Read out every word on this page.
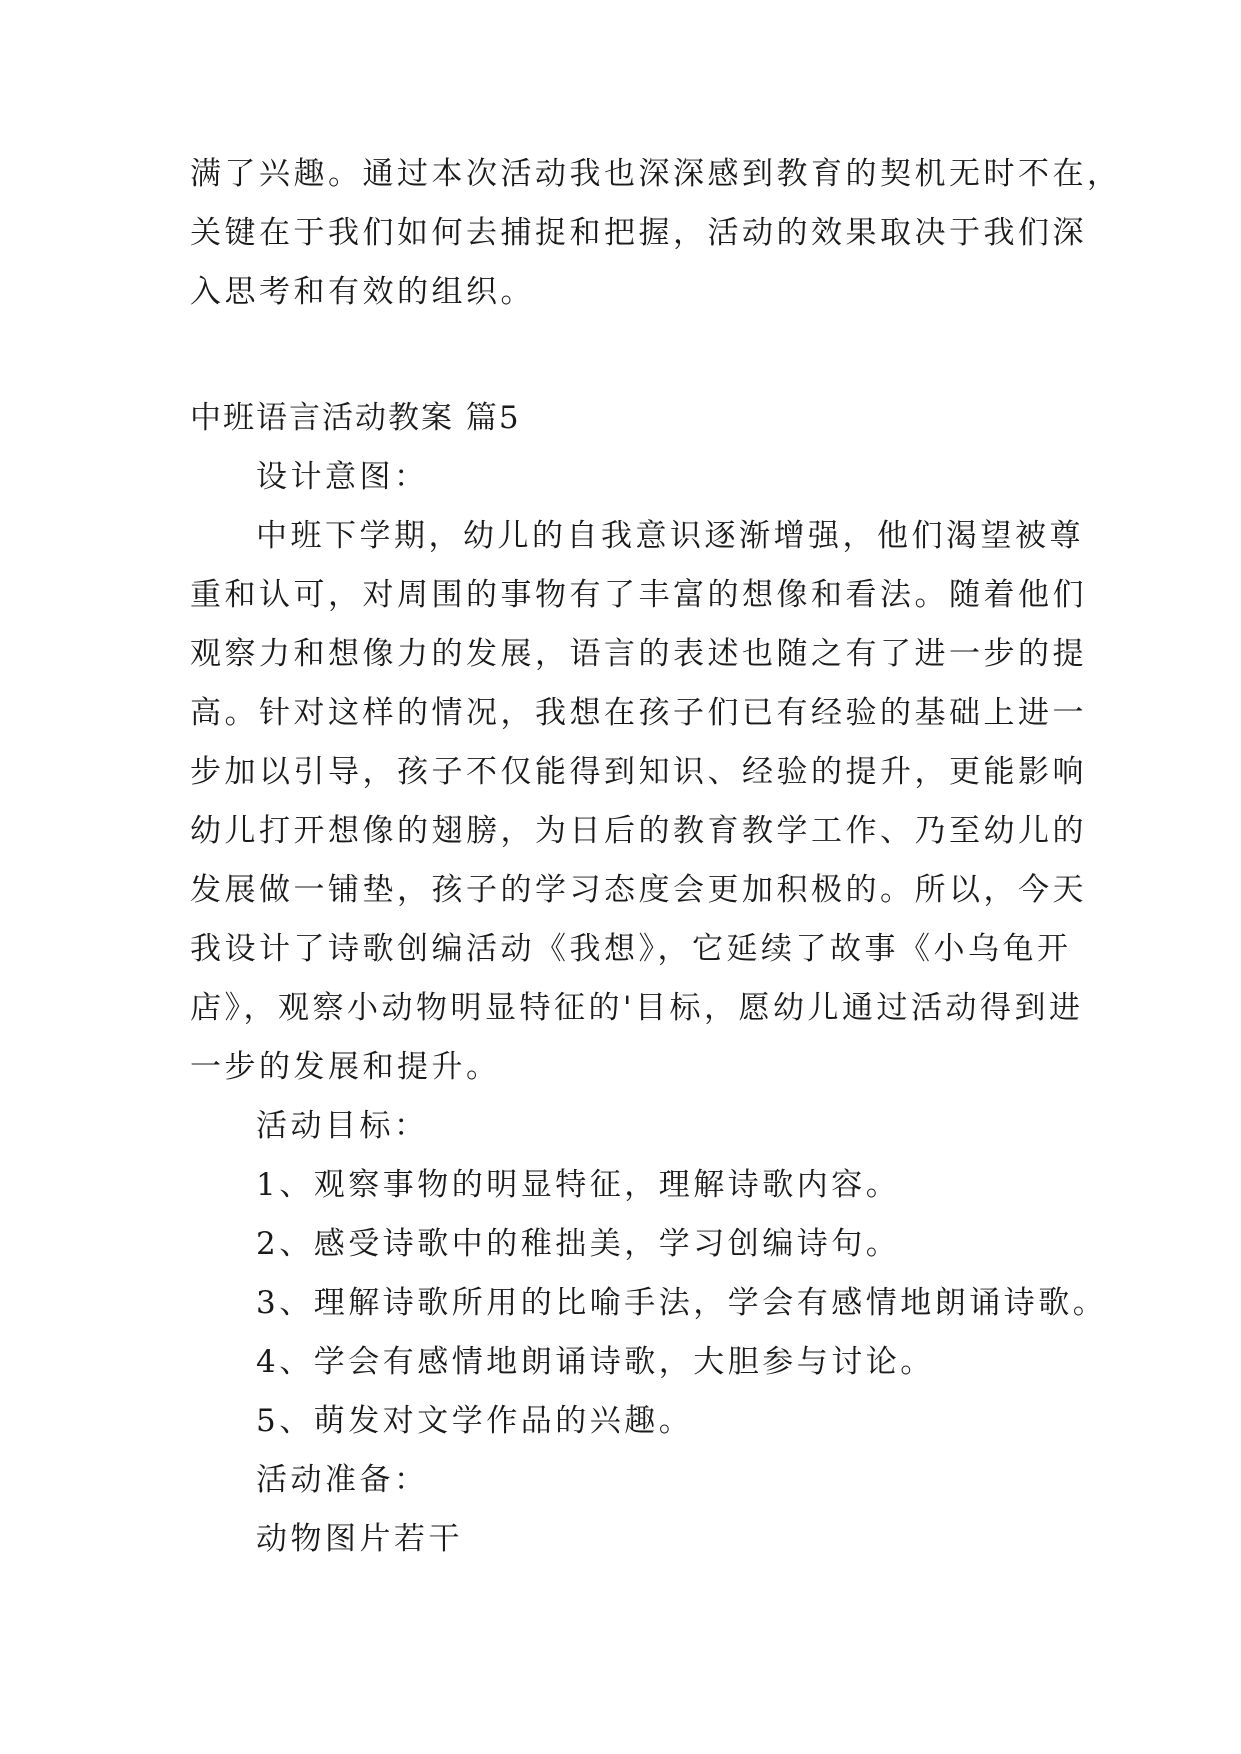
满了兴趣。通过本次活动我也深深感到教育的契机无时不在，
关键在于我们如何去捕捉和把握，活动的效果取决于我们深
入思考和有效的组织。
中班语言活动教案 篇5
设计意图：
中班下学期，幼儿的自我意识逐渐增强，他们渴望被尊
重和认可，对周围的事物有了丰富的想像和看法。随着他们
观察力和想像力的发展，语言的表述也随之有了进一步的提
高。针对这样的情况，我想在孩子们已有经验的基础上进一
步加以引导，孩子不仅能得到知识、经验的提升，更能影响
幼儿打开想像的翅膀，为日后的教育教学工作、乃至幼儿的
发展做一铺垫，孩子的学习态度会更加积极的。所以，今天
我设计了诗歌创编活动《我想》，它延续了故事《小乌龟开
店》，观察小动物明显特征的'目标，愿幼儿通过活动得到进
一步的发展和提升。
活动目标：
1、观察事物的明显特征，理解诗歌内容。
2、感受诗歌中的稚拙美，学习创编诗句。
3、理解诗歌所用的比喻手法，学会有感情地朗诵诗歌。
4、学会有感情地朗诵诗歌，大胆参与讨论。
5、萌发对文学作品的兴趣。
活动准备：
动物图片若干
